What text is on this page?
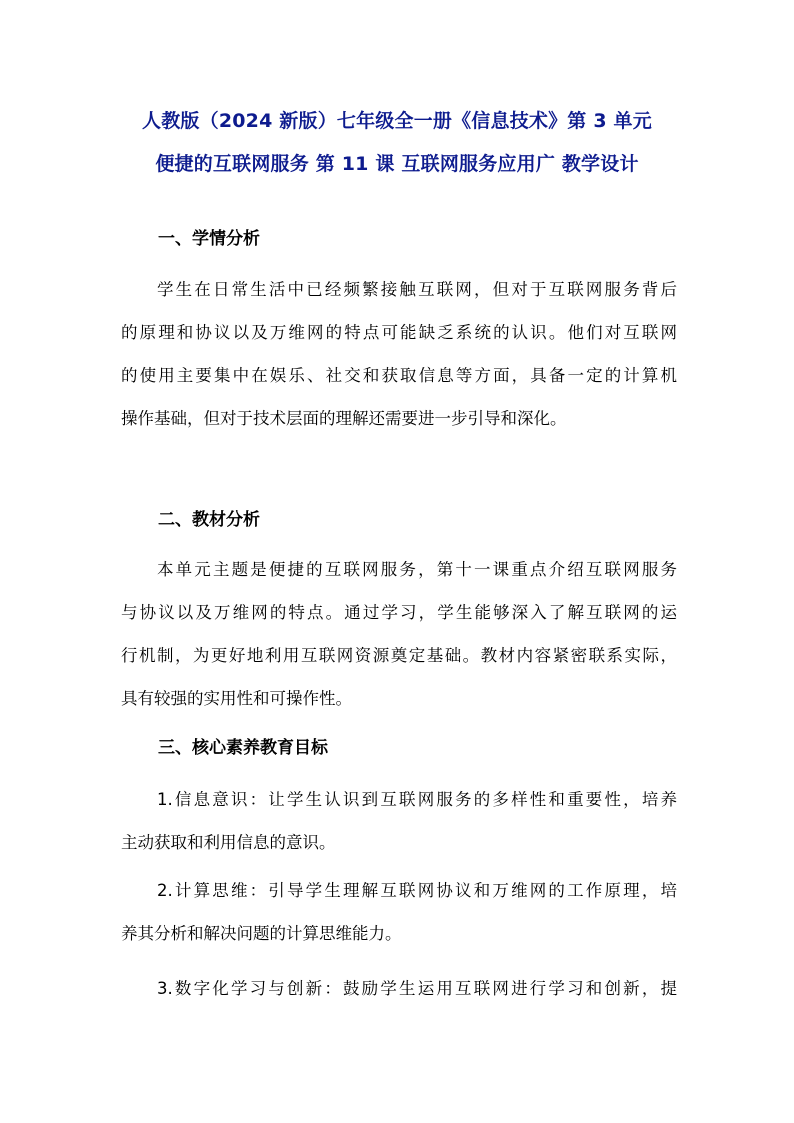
人教版（2024 新版）七年级全一册《信息技术》第 3 单元
便捷的互联网服务 第 11 课 互联网服务应用广 教学设计
一、学情分析
学生在日常生活中已经频繁接触互联网，但对于互联网服务背后
的原理和协议以及万维网的特点可能缺乏系统的认识。他们对互联网
的使用主要集中在娱乐、社交和获取信息等方面，具备一定的计算机
操作基础，但对于技术层面的理解还需要进一步引导和深化。
二、教材分析
本单元主题是便捷的互联网服务，第十一课重点介绍互联网服务
与协议以及万维网的特点。通过学习，学生能够深入了解互联网的运
行机制，为更好地利用互联网资源奠定基础。教材内容紧密联系实际，
具有较强的实用性和可操作性。
三、核心素养教育目标
1.信息意识：让学生认识到互联网服务的多样性和重要性，培养
主动获取和利用信息的意识。
2.计算思维：引导学生理解互联网协议和万维网的工作原理，培
养其分析和解决问题的计算思维能力。
3.数字化学习与创新：鼓励学生运用互联网进行学习和创新，提
